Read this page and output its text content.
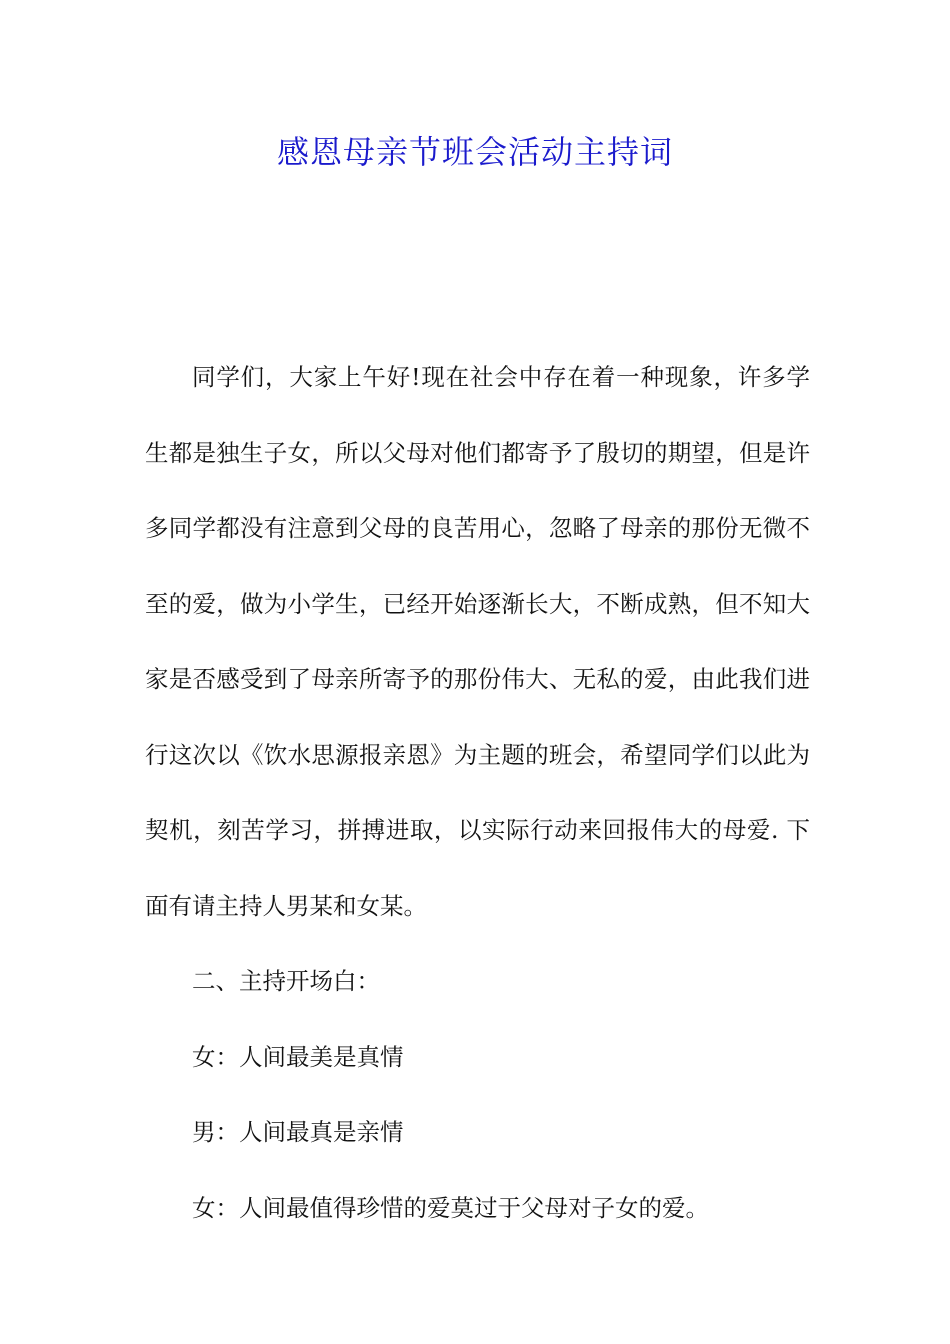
感恩母亲节班会活动主持词

同学们，大家上午好!现在社会中存在着一种现象，许多学生都是独生子女，所以父母对他们都寄予了殷切的期望，但是许多同学都没有注意到父母的良苦用心，忽略了母亲的那份无微不至的爱，做为小学生，已经开始逐渐长大，不断成熟，但不知大家是否感受到了母亲所寄予的那份伟大、无私的爱，由此我们进行这次以《饮水思源报亲恩》为主题的班会，希望同学们以此为契机，刻苦学习，拼搏进取，以实际行动来回报伟大的母爱. 下面有请主持人男某和女某。

二、主持开场白：

女：人间最美是真情

男：人间最真是亲情

女：人间最值得珍惜的爱莫过于父母对子女的爱。
